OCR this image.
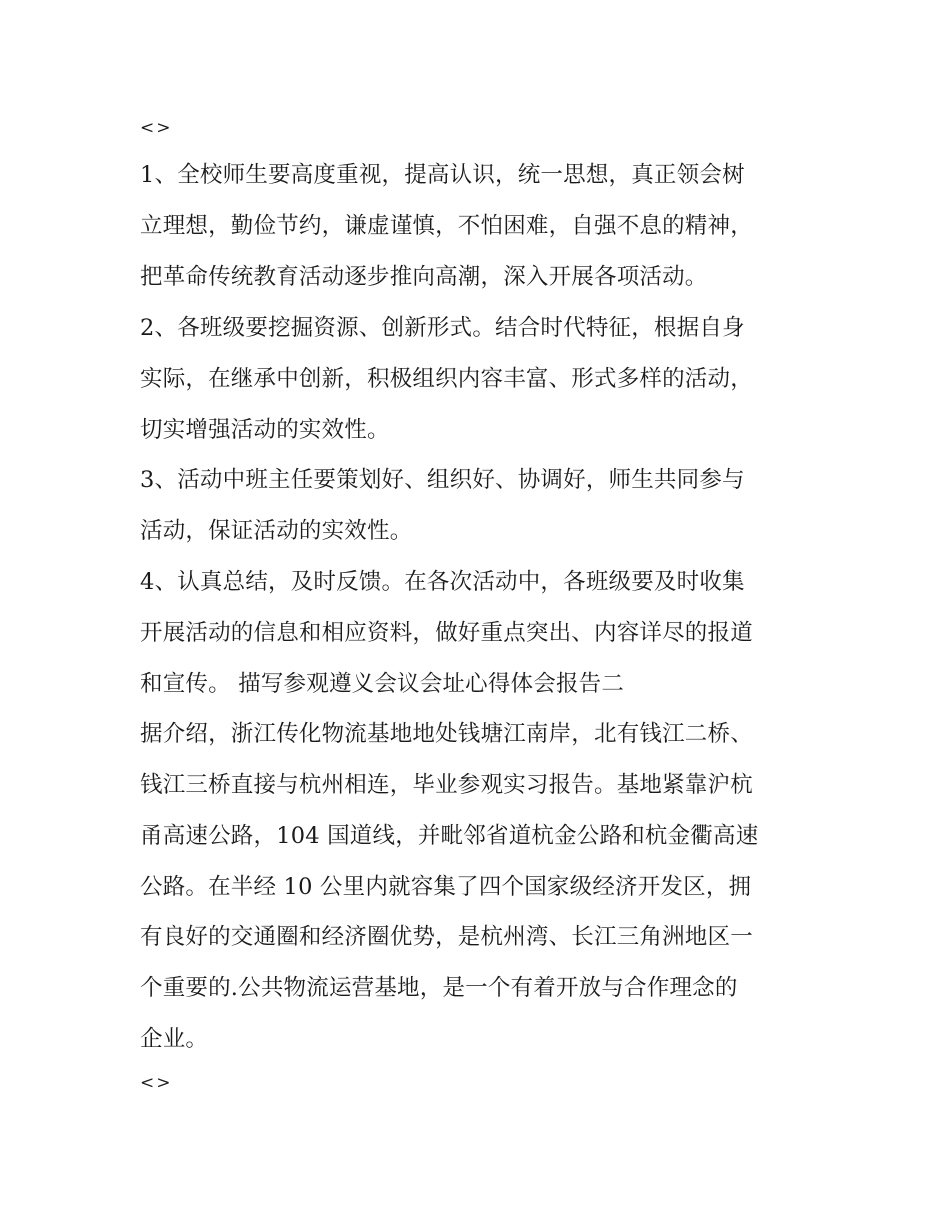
<>
1、全校师生要高度重视，提高认识，统一思想，真正领会树
立理想，勤俭节约，谦虚谨慎，不怕困难，自强不息的精神，
把革命传统教育活动逐步推向高潮，深入开展各项活动。
2、各班级要挖掘资源、创新形式。结合时代特征，根据自身
实际，在继承中创新，积极组织内容丰富、形式多样的活动，
切实增强活动的实效性。
3、活动中班主任要策划好、组织好、协调好，师生共同参与
活动，保证活动的实效性。
4、认真总结，及时反馈。在各次活动中，各班级要及时收集
开展活动的信息和相应资料，做好重点突出、内容详尽的报道
和宣传。 描写参观遵义会议会址心得体会报告二
据介绍，浙江传化物流基地地处钱塘江南岸，北有钱江二桥、
钱江三桥直接与杭州相连，毕业参观实习报告。基地紧靠沪杭
甬高速公路，104 国道线，并毗邻省道杭金公路和杭金衢高速
公路。在半经 10 公里内就容集了四个国家级经济开发区，拥
有良好的交通圈和经济圈优势，是杭州湾、长江三角洲地区一
个重要的.公共物流运营基地，是一个有着开放与合作理念的
企业。
<>
